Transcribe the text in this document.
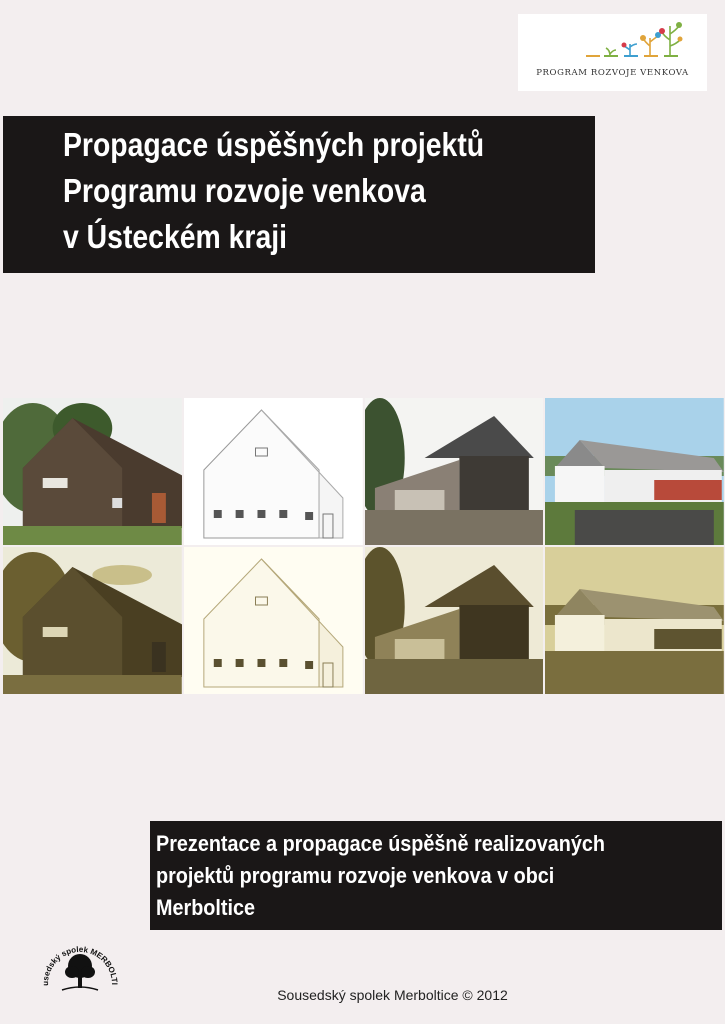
PROGRAM ROZVOJE VENKOVA
Propagace úspěšných projektů
Programu rozvoje venkova
v Ústeckém kraji
Prezentace a propagace úspěšně realizovaných
projektů programu rozvoje venkova v obci
Merboltice
usedský spolek MERBOLTI
Sousedský spolek Merboltice © 2012
